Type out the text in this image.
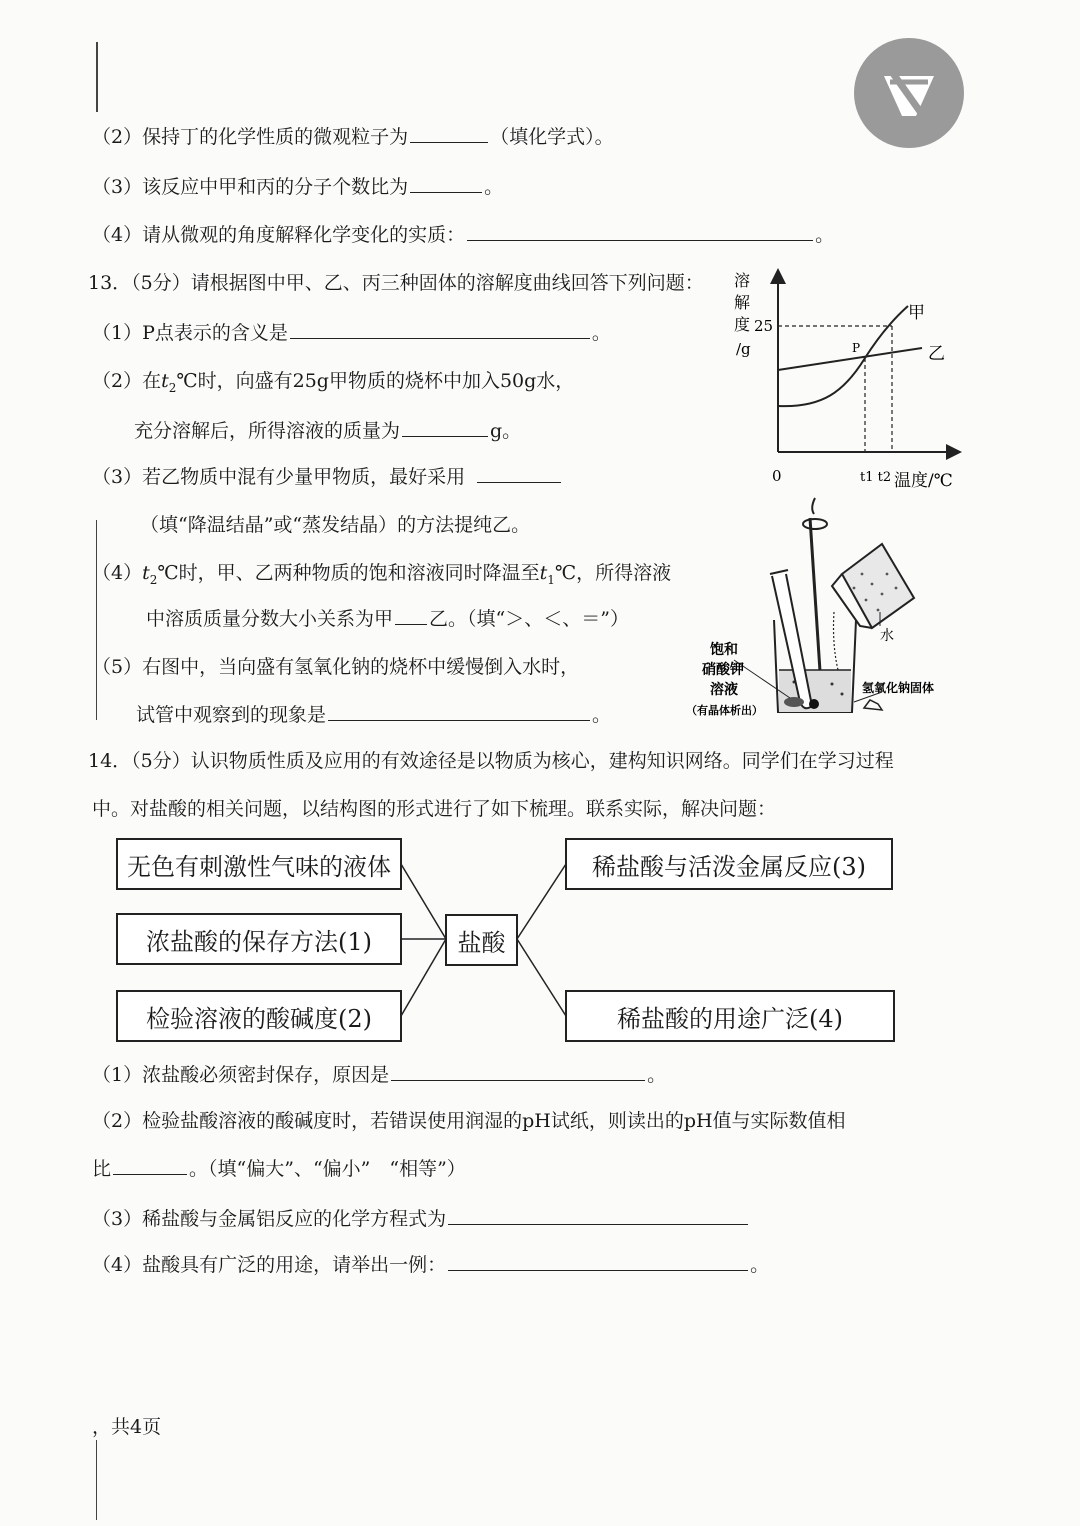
（2）保持丁的化学性质的微观粒子为	（填化学式）。
（3）该反应中甲和丙的分子个数比为	。
（4）请从微观的角度解释化学变化的实质：	。
13．（5分）请根据图中甲、乙、丙三种固体的溶解度曲线回答下列问题：
（1）P点表示的含义是	。
（2）在$t_2℃$时，向盛有25g甲物质的烧杯中加入50g水，
充分溶解后，所得溶液的质量为	g。
（3）若乙物质中混有少量甲物质，最好采用
（填“降温结晶”或“蒸发结晶）的方法提纯乙。
$(4)t_2℃$时，甲、乙两种物质的饱和溶液同时降温至$t_1℃$，所得溶液
中溶质质量分数大小关系为甲 乙。（填“＞、＜、＝”）
（5）右图中，当向盛有氢氧化钠的烧杯中缓慢倒入水时，
试管中观察到的现象是	。
溶
解
度
/g
25
0	t1 t2 温度/℃
甲
乙
P
水
饱和
硝酸钾
溶液
（有晶体析出）
氢氧化钠固体
14．（5分）认识物质性质及应用的有效途径是以物质为核心，建构知识网络。同学们在学习过程
中。对盐酸的相关问题，以结构图的形式进行了如下梳理。联系实际，解决问题：
无色有刺激性气味的液体
浓盐酸的保存方法(1)
检验溶液的酸碱度(2)
盐酸
稀盐酸与活泼金属反应(3)
稀盐酸的用途广泛(4)
（1）浓盐酸必须密封保存，原因是	。
（2）检验盐酸溶液的酸碱度时，若错误使用润湿的pH试纸，则读出的pH值与实际数值相
比	。（填“偏大”、“偏小”　“相等”）
（3）稀盐酸与金属铝反应的化学方程式为
（4）盐酸具有广泛的用途，请举出一例：	。
，共4页
